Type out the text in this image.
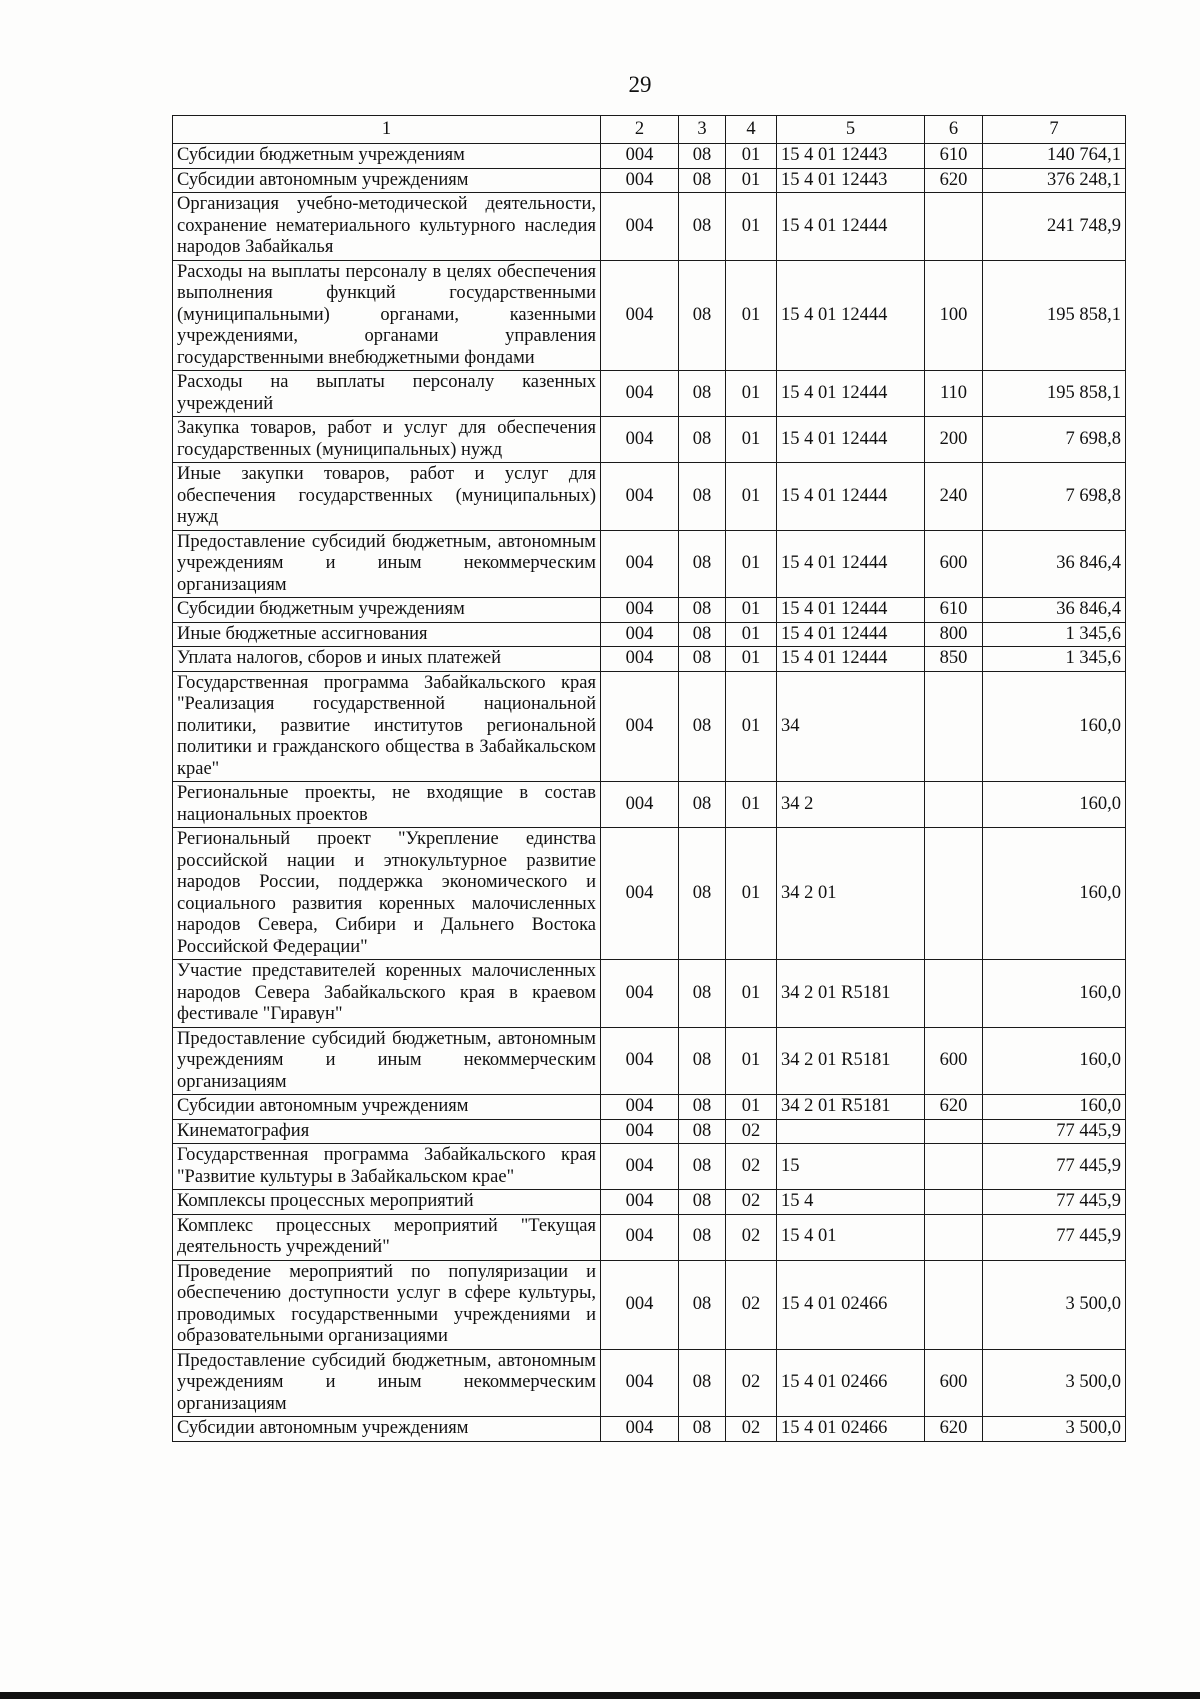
29
1	2	3	4	5	6	7
Субсидии бюджетным учреждениям	004	08	01	15 4 01 12443	610	140 764,1
Субсидии автономным учреждениям	004	08	01	15 4 01 12443	620	376 248,1
Организация учебно-методической деятельности, сохранение нематериального культурного наследия народов Забайкалья	004	08	01	15 4 01 12444		241 748,9
Расходы на выплаты персоналу в целях обеспечения выполнения функций государственными (муниципальными) органами, казенными учреждениями, органами управления государственными внебюджетными фондами	004	08	01	15 4 01 12444	100	195 858,1
Расходы на выплаты персоналу казенных учреждений	004	08	01	15 4 01 12444	110	195 858,1
Закупка товаров, работ и услуг для обеспечения государственных (муниципальных) нужд	004	08	01	15 4 01 12444	200	7 698,8
Иные закупки товаров, работ и услуг для обеспечения государственных (муниципальных) нужд	004	08	01	15 4 01 12444	240	7 698,8
Предоставление субсидий бюджетным, автономным учреждениям и иным некоммерческим организациям	004	08	01	15 4 01 12444	600	36 846,4
Субсидии бюджетным учреждениям	004	08	01	15 4 01 12444	610	36 846,4
Иные бюджетные ассигнования	004	08	01	15 4 01 12444	800	1 345,6
Уплата налогов, сборов и иных платежей	004	08	01	15 4 01 12444	850	1 345,6
Государственная программа Забайкальского края "Реализация государственной национальной политики, развитие институтов региональной политики и гражданского общества в Забайкальском крае"	004	08	01	34		160,0
Региональные проекты, не входящие в состав национальных проектов	004	08	01	34 2		160,0
Региональный проект "Укрепление единства российской нации и этнокультурное развитие народов России, поддержка экономического и социального развития коренных малочисленных народов Севера, Сибири и Дальнего Востока Российской Федерации"	004	08	01	34 2 01		160,0
Участие представителей коренных малочисленных народов Севера Забайкальского края в краевом фестивале "Гиравун"	004	08	01	34 2 01 R5181		160,0
Предоставление субсидий бюджетным, автономным учреждениям и иным некоммерческим организациям	004	08	01	34 2 01 R5181	600	160,0
Субсидии автономным учреждениям	004	08	01	34 2 01 R5181	620	160,0
Кинематография	004	08	02			77 445,9
Государственная программа Забайкальского края "Развитие культуры в Забайкальском крае"	004	08	02	15		77 445,9
Комплексы процессных мероприятий	004	08	02	15 4		77 445,9
Комплекс процессных мероприятий "Текущая деятельность учреждений"	004	08	02	15 4 01		77 445,9
Проведение мероприятий по популяризации и обеспечению доступности услуг в сфере культуры, проводимых государственными учреждениями и образовательными организациями	004	08	02	15 4 01 02466		3 500,0
Предоставление субсидий бюджетным, автономным учреждениям и иным некоммерческим организациям	004	08	02	15 4 01 02466	600	3 500,0
Субсидии автономным учреждениям	004	08	02	15 4 01 02466	620	3 500,0
